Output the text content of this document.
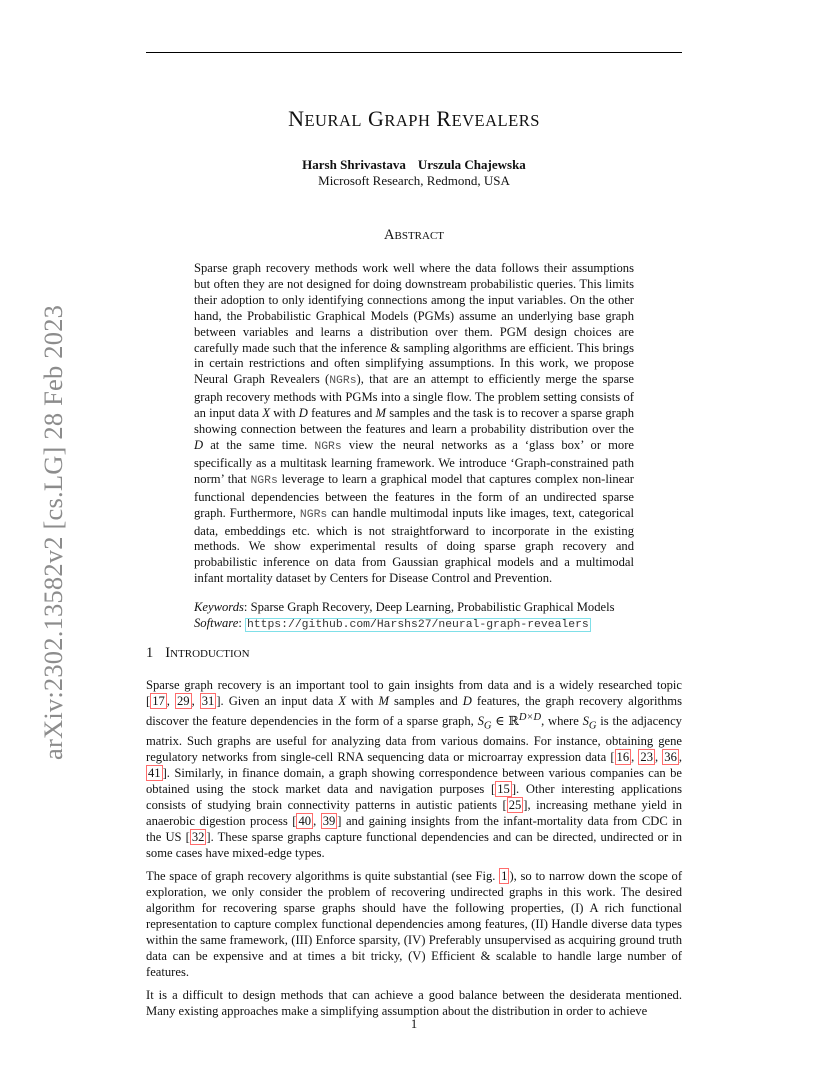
arXiv:2302.13582v2 [cs.LG] 28 Feb 2023
NEURAL GRAPH REVEALERS
Harsh Shrivastava Urszula Chajewska
Microsoft Research, Redmond, USA
ABSTRACT

Sparse graph recovery methods work well where the data follows their assumptions but often they are not designed for doing downstream probabilistic queries. This limits their adoption to only identifying connections among the input variables. On the other hand, the Probabilistic Graphical Models (PGMs) assume an underlying base graph between variables and learns a distribution over them. PGM design choices are carefully made such that the inference & sampling algorithms are efficient. This brings in certain restrictions and often simplifying assumptions. In this work, we propose Neural Graph Revealers (NGRs), that are an attempt to efficiently merge the sparse graph recovery methods with PGMs into a single flow. The problem setting consists of an input data X with D features and M samples and the task is to recover a sparse graph showing connection between the features and learn a probability distribution over the D at the same time. NGRs view the neural networks as a ‘glass box’ or more specifically as a multitask learning framework. We introduce ‘Graph-constrained path norm’ that NGRs leverage to learn a graphical model that captures complex non-linear functional dependencies between the features in the form of an undirected sparse graph. Furthermore, NGRs can handle multimodal inputs like images, text, categorical data, embeddings etc. which is not straightforward to incorporate in the existing methods. We show experimental results of doing sparse graph recovery and probabilistic inference on data from Gaussian graphical models and a multimodal infant mortality dataset by Centers for Disease Control and Prevention.

Keywords: Sparse Graph Recovery, Deep Learning, Probabilistic Graphical Models

Software: https://github.com/Harshs27/neural-graph-revealers

1 INTRODUCTION

Sparse graph recovery is an important tool to gain insights from data and is a widely researched topic [ 17 , 29 , 31 ]. Given an input data X with M samples and D features, the graph recovery algorithms discover the feature dependencies in the form of a sparse graph, $S_G$ ∈ ℝ$^{D\times D}$, where $S_G$ is the adjacency matrix. Such graphs are useful for analyzing data from various domains. For instance, obtaining gene regulatory networks from single-cell RNA sequencing data or microarray expression data [ 16 , 23 , 36 , 41 ]. Similarly, in finance domain, a graph showing correspondence between various companies can be obtained using the stock market data and navigation purposes [ 15 ]. Other interesting applications consists of studying brain connectivity patterns in autistic patients [ 25 ], increasing methane yield in anaerobic digestion process [ 40 , 39 ] and gaining insights from the infant-mortality data from CDC in the US [ 32 ]. These sparse graphs capture functional dependencies and can be directed, undirected or in some cases have mixed-edge types.

The space of graph recovery algorithms is quite substantial (see Fig. 1 ), so to narrow down the scope of exploration, we only consider the problem of recovering undirected graphs in this work. The desired algorithm for recovering sparse graphs should have the following properties, (I) A rich functional representation to capture complex functional dependencies among features, (II) Handle diverse data types within the same framework, (III) Enforce sparsity, (IV) Preferably unsupervised as acquiring ground truth data can be expensive and at times a bit tricky, (V) Efficient & scalable to handle large number of features.

It is a difficult to design methods that can achieve a good balance between the desiderata mentioned. Many existing approaches make a simplifying assumption about the distribution in order to achieve

1
